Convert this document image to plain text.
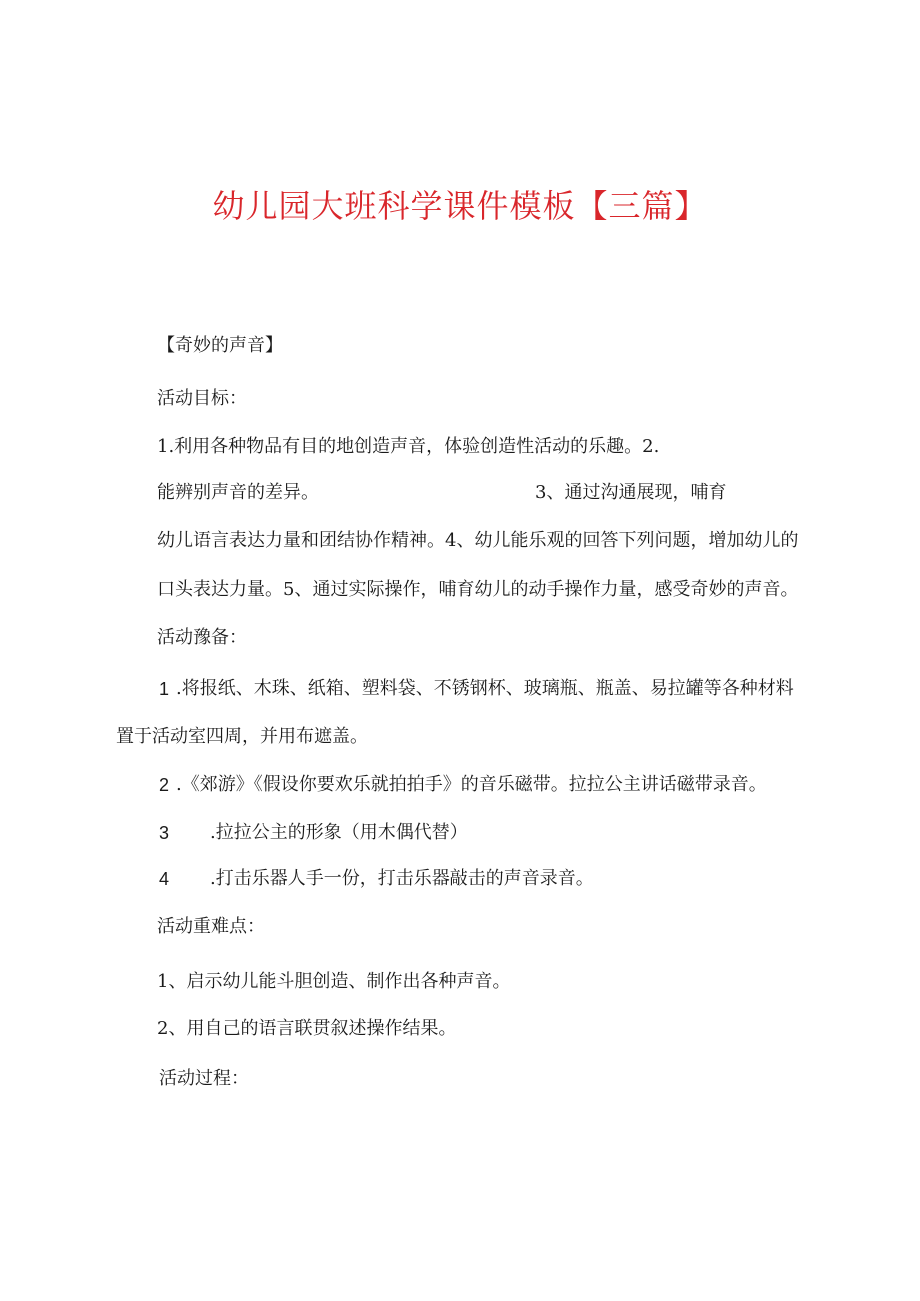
幼儿园大班科学课件模板【三篇】
【奇妙的声音】
活动目标：
1.利用各种物品有目的地创造声音，体验创造性活动的乐趣。2.
能辨别声音的差异。	3、通过沟通展现，哺育
幼儿语言表达力量和团结协作精神。4、幼儿能乐观的回答下列问题，增加幼儿的
口头表达力量。5、通过实际操作，哺育幼儿的动手操作力量，感受奇妙的声音。
活动豫备：
1 .将报纸、木珠、纸箱、塑料袋、不锈钢杯、玻璃瓶、瓶盖、易拉罐等各种材料
置于活动室四周，并用布遮盖。
2 .《郊游》《假设你要欢乐就拍拍手》的音乐磁带。拉拉公主讲话磁带录音。
3 .拉拉公主的形象（用木偶代替）
4 .打击乐器人手一份，打击乐器敲击的声音录音。
活动重难点：
1、启示幼儿能斗胆创造、制作出各种声音。
2、用自己的语言联贯叙述操作结果。
活动过程：
